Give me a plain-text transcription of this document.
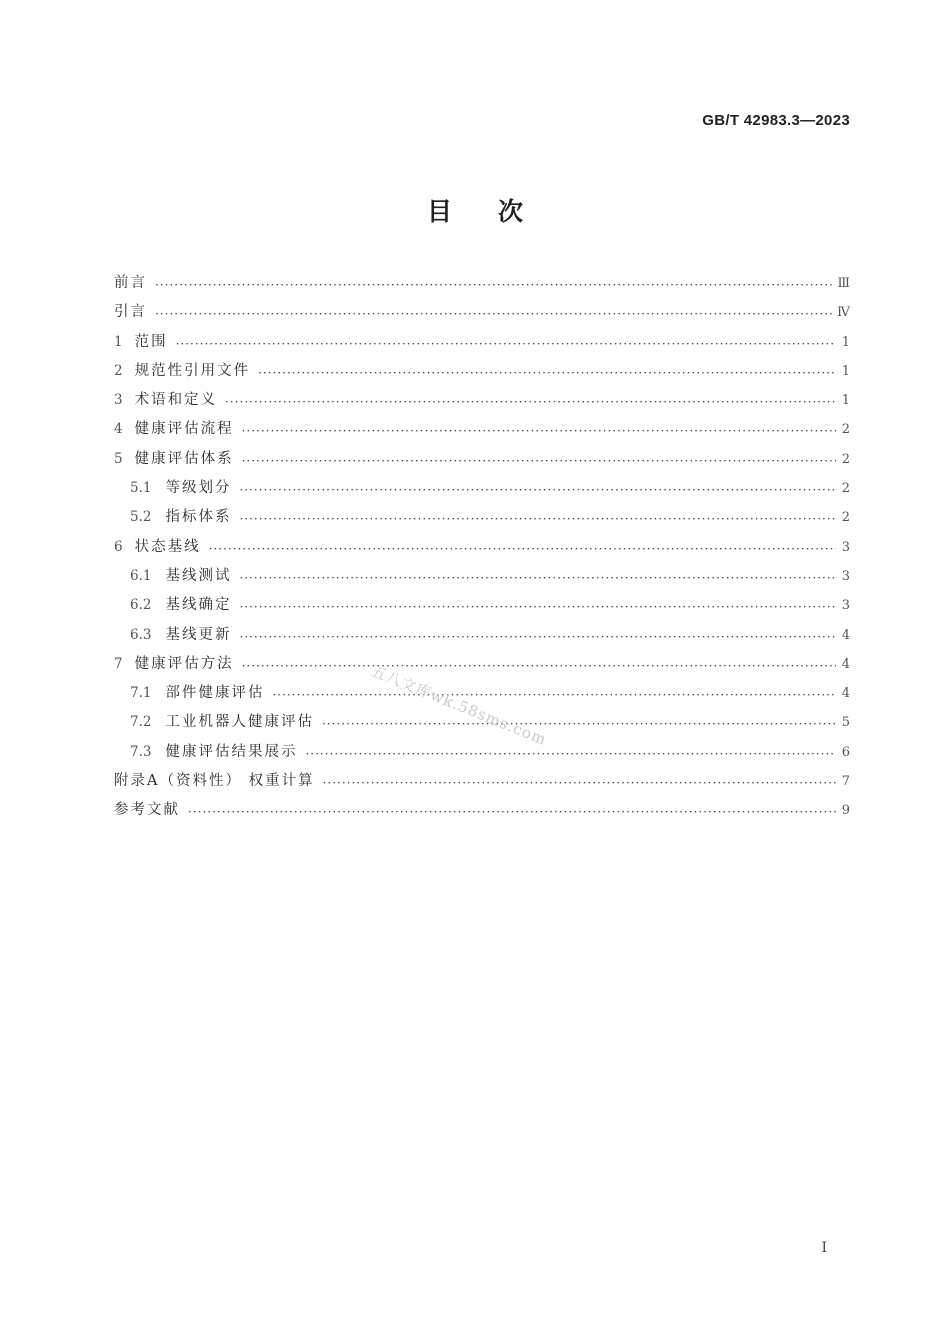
GB/T 42983.3—2023
目次
前言 ·····	Ⅲ
引言 ·····	Ⅳ
1 范围 ·····	1
2 规范性引用文件 ·····	1
3 术语和定义 ·····	1
4 健康评估流程 ·····	2
5 健康评估体系 ·····	2
5.1 等级划分 ·····	2
5.2 指标体系 ·····	2
6 状态基线 ·····	3
6.1 基线测试 ·····	3
6.2 基线确定 ·····	3
6.3 基线更新 ·····	4
7 健康评估方法 ·····	4
7.1 部件健康评估 ·····	4
7.2 工业机器人健康评估 ·····	5
7.3 健康评估结果展示 ·····	6
附录A（资料性） 权重计算 ·····	7
参考文献 ·····	9
五八文库wk.58sms.com
I
